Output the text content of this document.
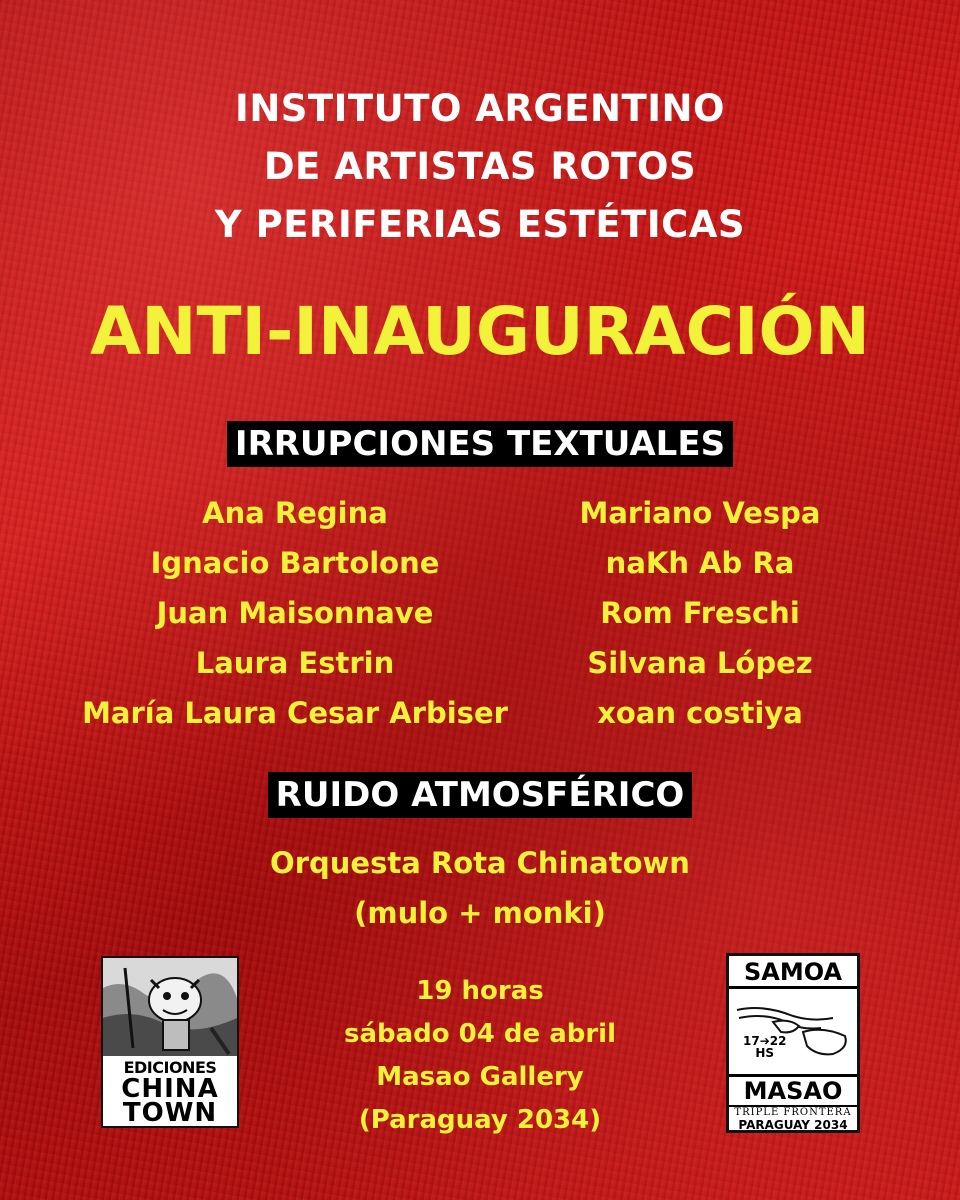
INSTITUTO ARGENTINO
DE ARTISTAS ROTOS
Y PERIFERIAS ESTÉTICAS
ANTI-INAUGURACIÓN
IRRUPCIONES TEXTUALES
Ana Regina
Ignacio Bartolone
Juan Maisonnave
Laura Estrin
María Laura Cesar Arbiser
Mariano Vespa
naKh Ab Ra
Rom Freschi
Silvana López
xoan costiya
RUIDO ATMOSFÉRICO
Orquesta Rota Chinatown
(mulo + monki)
19 horas
sábado 04 de abril
Masao Gallery
(Paraguay 2034)
EDICIONES
CHINA
TOWN
SAMOA
17➔22
HS
MASAO
TRIPLE FRONTERA
PARAGUAY 2034
